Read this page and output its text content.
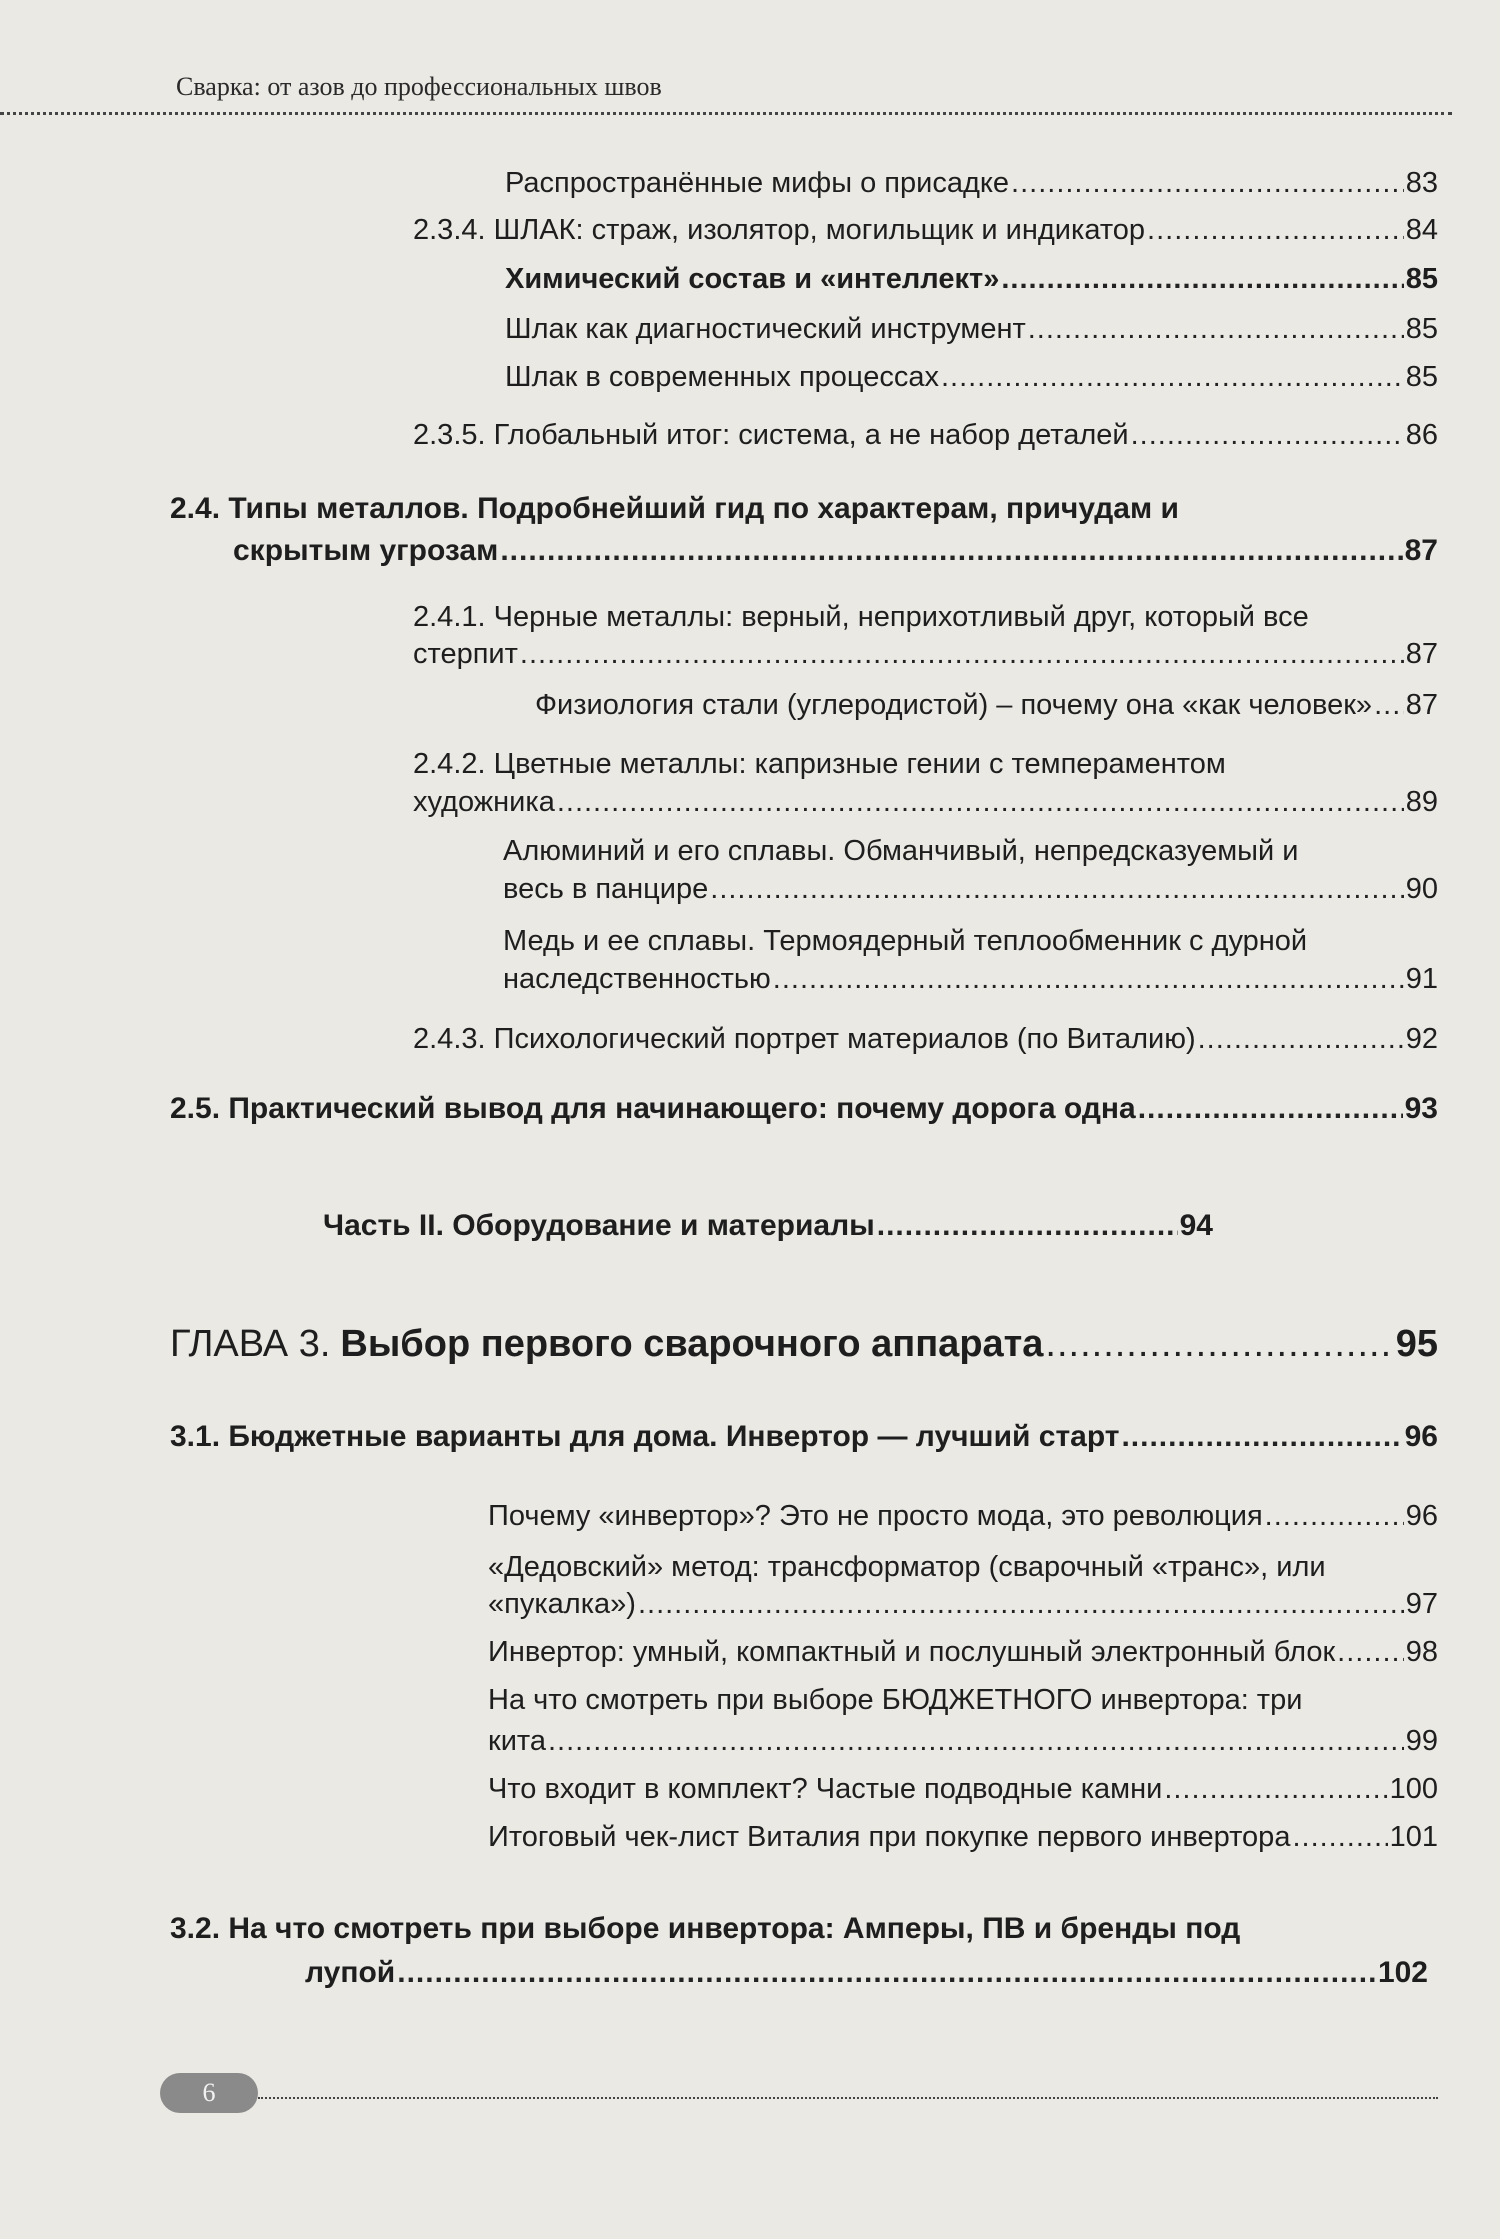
Сварка: от азов до профессиональных швов
Распространённые мифы о присадке .....	83
2.3.4. ШЛАК: страж, изолятор, могильщик и индикатор .....	84
Химический состав и «интеллект» .....	85
Шлак как диагностический инструмент .....	85
Шлак в современных процессах .....	85
2.3.5. Глобальный итог: система, а не набор деталей .....	86
2.4. Типы металлов. Подробнейший гид по характерам, причудам и
скрытым угрозам .....	87
2.4.1. Черные металлы: верный, неприхотливый друг, который все
стерпит .....	87
Физиология стали (углеродистой) – почему она «как человек» ..... 87
2.4.2. Цветные металлы: капризные гении с темпераментом
художника .....	89
Алюминий и его сплавы. Обманчивый, непредсказуемый и
весь в панцире .....	90
Медь и ее сплавы. Термоядерный теплообменник с дурной
наследственностью .....	91
2.4.3. Психологический портрет материалов (по Виталию) .....	92
2.5. Практический вывод для начинающего: почему дорога одна .....	93
Часть II. Оборудование и материалы .....	94
ГЛАВА 3. Выбор первого сварочного аппарата .....	95
3.1. Бюджетные варианты для дома. Инвертор — лучший старт .....	96
Почему «инвертор»? Это не просто мода, это революция .....	96
«Дедовский» метод: трансформатор (сварочный «транс», или
«пукалка») .....	97
Инвертор: умный, компактный и послушный электронный блок ..... 98
На что смотреть при выборе БЮДЖЕТНОГО инвертора: три
кита .....	99
Что входит в комплект? Частые подводные камни .....	100
Итоговый чек-лист Виталия при покупке первого инвертора .....	101
3.2. На что смотреть при выборе инвертора: Амперы, ПВ и бренды под
лупой .....	102
6
